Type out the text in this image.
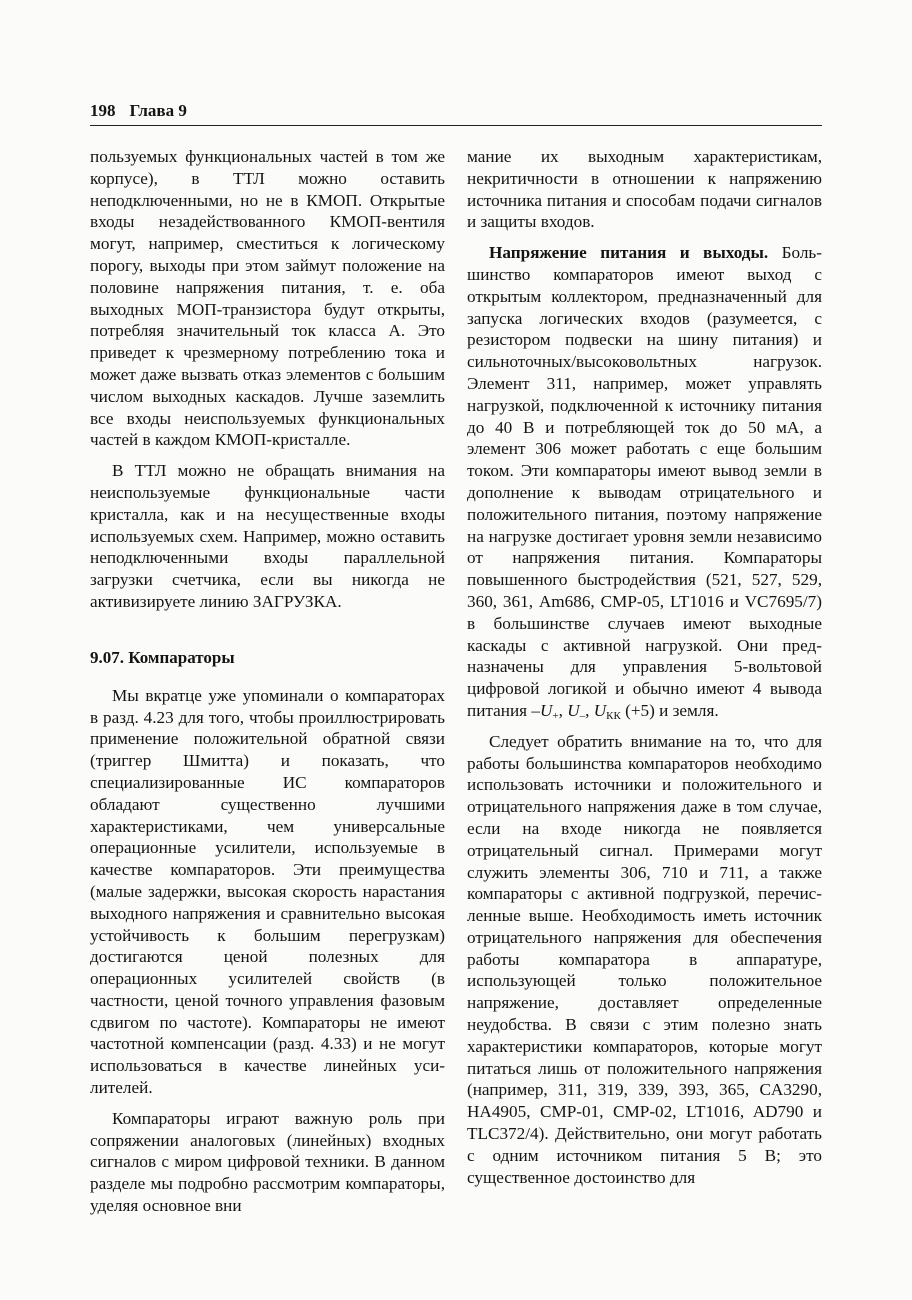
198 Глава 9

пользуемых функциональных частей в том же корпусе), в ТТЛ можно оставить неподключенными, но не в КМОП. Открытые входы незадействованного КМОП-вентиля могут, например, сместиться к логическому порогу, выходы при этом займут положение на половине напряжения питания, т. е. оба выходных МОП-транзистора будут открыты, потребляя значительный ток класса А. Это приведет к чрезмерному потреблению тока и может даже вызвать отказ элементов с большим числом выходных каскадов. Лучше заземлить все входы неиспользуемых функциональных частей в каждом КМОП-кристалле.

В ТТЛ можно не обращать внимания на неиспользуемые функциональные части кристалла, как и на несущественные входы используемых схем. Например, можно оставить неподключенными входы параллельной загрузки счетчика, если вы никогда не активизируете линию ЗАГРУЗКА.

9.07. Компараторы

Мы вкратце уже упоминали о компараторах в разд. 4.23 для того, чтобы проиллюстрировать применение положительной обратной связи (триггер Шмитта) и показать, что специализированные ИС компараторов обладают существенно лучшими характеристиками, чем универсальные операционные усилители, используемые в качестве компараторов. Эти преимущества (малые задержки, высокая скорость нарастания выходного напряжения и сравнительно высокая устойчивость к большим перегрузкам) достигаются ценой полезных для операционных усилителей свойств (в частности, ценой точного управления фазовым сдвигом по частоте). Компараторы не имеют частотной компенсации (разд. 4.33) и не могут использоваться в качестве линейных усилителей.

Компараторы играют важную роль при сопряжении аналоговых (линейных) входных сигналов с миром цифровой техники. В данном разделе мы подробно рассмотрим компараторы, уделяя основное вни

мание их выходным характеристикам, некритичности в отношении к напряжению источника питания и способам подачи сигналов и защиты входов.

Напряжение питания и выходы. Большинство компараторов имеют выход с открытым коллектором, предназначенный для запуска логических входов (разумеется, с резистором подвески на шину питания) и сильноточных/высоковольтных нагрузок. Элемент 311, например, может управлять нагрузкой, подключенной к источнику питания до 40 В и потребляющей ток до 50 мА, а элемент 306 может работать с еще большим током. Эти компараторы имеют вывод земли в дополнение к выводам отрицательного и положительного питания, поэтому напряжение на нагрузке достигает уровня земли независимо от напряжения питания. Компараторы повышенного быстродействия (521, 527, 529, 360, 361, Am686, CMP-05, LT1016 и VC7695/7) в большинстве случаев имеют выходные каскады с активной нагрузкой. Они предназначены для управления 5-вольтовой цифровой логикой и обычно имеют 4 вывода питания $-U_+$, $U_-$, $U_{КК}$ (+5) и земля.

Следует обратить внимание на то, что для работы большинства компараторов необходимо использовать источники и положительного и отрицательного напряжения даже в том случае, если на входе никогда не появляется отрицательный сигнал. Примерами могут служить элементы 306, 710 и 711, а также компараторы с активной подгрузкой, перечисленные выше. Необходимость иметь источник отрицательного напряжения для обеспечения работы компаратора в аппаратуре, использующей только положительное напряжение, доставляет определенные неудобства. В связи с этим полезно знать характеристики компараторов, которые могут питаться лишь от положительного напряжения (например, 311, 319, 339, 393, 365, CA3290, HA4905, CMP-01, CMP-02, LT1016, AD790 и TLC372/4). Действительно, они могут работать с одним источником питания 5 В; это существенное достоинство для
